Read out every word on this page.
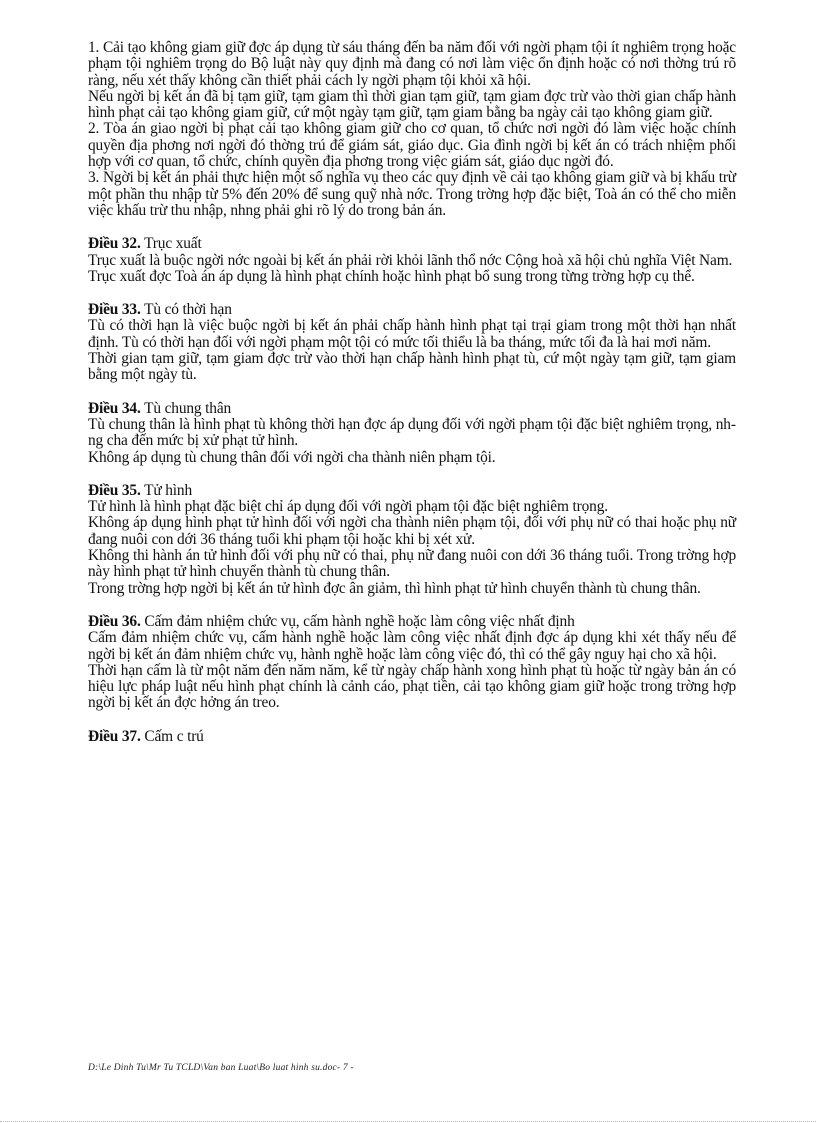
1. Cải tạo không giam giữ đợc áp dụng từ sáu tháng đến ba năm đối với ngời phạm tội ít nghiêm trọng hoặc phạm tội nghiêm trọng do Bộ luật này quy định mà đang có nơi làm việc ổn định hoặc có nơi thờng trú rõ ràng, nếu xét thấy không cần thiết phải cách ly ngời phạm tội khỏi xã hội.

Nếu ngời bị kết án đã bị tạm giữ, tạm giam thì thời gian tạm giữ, tạm giam đợc trừ vào thời gian chấp hành hình phạt cải tạo không giam giữ, cứ một ngày tạm giữ, tạm giam bằng ba ngày cải tạo không giam giữ.

2. Tòa án giao ngời bị phạt cải tạo không giam giữ cho cơ quan, tổ chức nơi ngời đó làm việc hoặc chính quyền địa phơng nơi ngời đó thờng trú để giám sát, giáo dục. Gia đình ngời bị kết án có trách nhiệm phối hợp với cơ quan, tổ chức, chính quyền địa phơng trong việc giám sát, giáo dục ngời đó.

3. Ngời bị kết án phải thực hiện một số nghĩa vụ theo các quy định về cải tạo không giam giữ và bị khấu trừ một phần thu nhập từ 5% đến 20% để sung quỹ nhà nớc. Trong trờng hợp đặc biệt, Toà án có thể cho miễn việc khấu trừ thu nhập, nhng phải ghi rõ lý do trong bản án.

Điều 32. Trục xuất

Trục xuất là buộc ngời nớc ngoài bị kết án phải rời khỏi lãnh thổ nớc Cộng hoà xã hội chủ nghĩa Việt Nam.

Trục xuất đợc Toà án áp dụng là hình phạt chính hoặc hình phạt bổ sung trong từng trờng hợp cụ thể.

Điều 33. Tù có thời hạn

Tù có thời hạn là việc buộc ngời bị kết án phải chấp hành hình phạt tại trại giam trong một thời hạn nhất định. Tù có thời hạn đối với ngời phạm một tội có mức tối thiểu là ba tháng, mức tối đa là hai mơi năm.

Thời gian tạm giữ, tạm giam đợc trừ vào thời hạn chấp hành hình phạt tù, cứ một ngày tạm giữ, tạm giam bằng một ngày tù.

Điều 34. Tù chung thân

Tù chung thân là hình phạt tù không thời hạn đợc áp dụng đối với ngời phạm tội đặc biệt nghiêm trọng, nhng cha đến mức bị xử phạt tử hình.

Không áp dụng tù chung thân đối với ngời cha thành niên phạm tội.

Điều 35. Tử hình

Tử hình là hình phạt đặc biệt chỉ áp dụng đối với ngời phạm tội đặc biệt nghiêm trọng.

Không áp dụng hình phạt tử hình đối với ngời cha thành niên phạm tội, đối với phụ nữ có thai hoặc phụ nữ đang nuôi con dới 36 tháng tuổi khi phạm tội hoặc khi bị xét xử.

Không thi hành án tử hình đối với phụ nữ có thai, phụ nữ đang nuôi con dới 36 tháng tuổi. Trong trờng hợp này hình phạt tử hình chuyển thành tù chung thân.

Trong trờng hợp ngời bị kết án tử hình đợc ân giảm, thì hình phạt tử hình chuyển thành tù chung thân.

Điều 36. Cấm đảm nhiệm chức vụ, cấm hành nghề hoặc làm công việc nhất định

Cấm đảm nhiệm chức vụ, cấm hành nghề hoặc làm công việc nhất định đợc áp dụng khi xét thấy nếu để ngời bị kết án đảm nhiệm chức vụ, hành nghề hoặc làm công việc đó, thì có thể gây nguy hại cho xã hội.

Thời hạn cấm là từ một năm đến năm năm, kể từ ngày chấp hành xong hình phạt tù hoặc từ ngày bản án có hiệu lực pháp luật nếu hình phạt chính là cảnh cáo, phạt tiền, cải tạo không giam giữ hoặc trong trờng hợp ngời bị kết án đợc hởng án treo.

Điều 37. Cấm c trú

D:\Le Dinh Tu\Mr Tu TCLD\Van ban Luat\Bo luat hinh su.doc- 7 -
